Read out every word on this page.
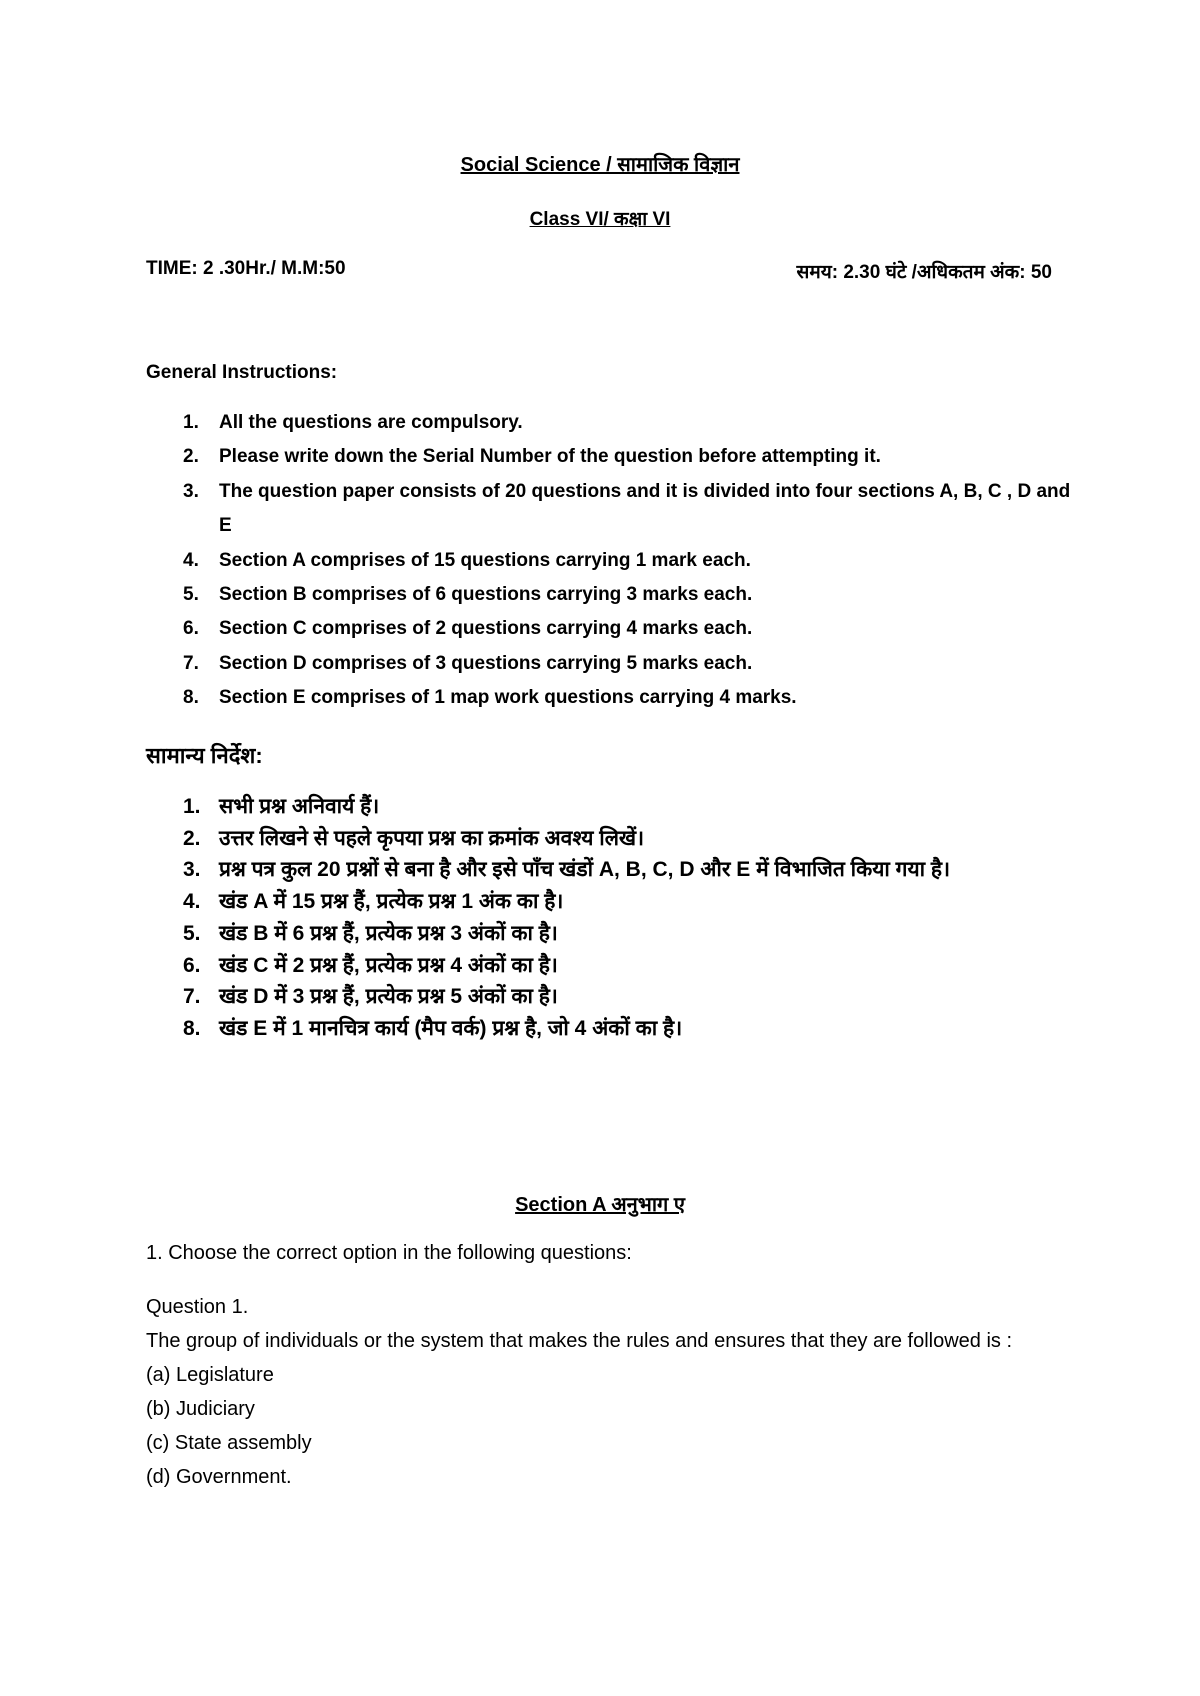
Social Science / सामाजिक विज्ञान
Class VI/ कक्षा VI
TIME: 2 .30Hr./ M.M:50	समय: 2.30 घंटे /अधिकतम अंक: 50
General Instructions:
1. All the questions are compulsory.
2. Please write down the Serial Number of the question before attempting it.
3. The question paper consists of 20 questions and it is divided into four sections A, B, C , D and E
4. Section A comprises of 15 questions carrying 1 mark each.
5. Section B comprises of 6 questions carrying 3 marks each.
6. Section C comprises of 2 questions carrying 4 marks each.
7. Section D comprises of 3 questions carrying 5 marks each.
8. Section E comprises of 1 map work questions carrying 4 marks.
सामान्य निर्देश:
1. सभी प्रश्न अनिवार्य हैं।
2. उत्तर लिखने से पहले कृपया प्रश्न का क्रमांक अवश्य लिखें।
3. प्रश्न पत्र कुल 20 प्रश्नों से बना है और इसे पाँच खंडों A, B, C, D और E में विभाजित किया गया है।
4. खंड A में 15 प्रश्न हैं, प्रत्येक प्रश्न 1 अंक का है।
5. खंड B में 6 प्रश्न हैं, प्रत्येक प्रश्न 3 अंकों का है।
6. खंड C में 2 प्रश्न हैं, प्रत्येक प्रश्न 4 अंकों का है।
7. खंड D में 3 प्रश्न हैं, प्रत्येक प्रश्न 5 अंकों का है।
8. खंड E में 1 मानचित्र कार्य (मैप वर्क) प्रश्न है, जो 4 अंकों का है।
Section A अनुभाग ए
1. Choose the correct option in the following questions:
Question 1.
The group of individuals or the system that makes the rules and ensures that they are followed is :
(a) Legislature
(b) Judiciary
(c) State assembly
(d) Government.
